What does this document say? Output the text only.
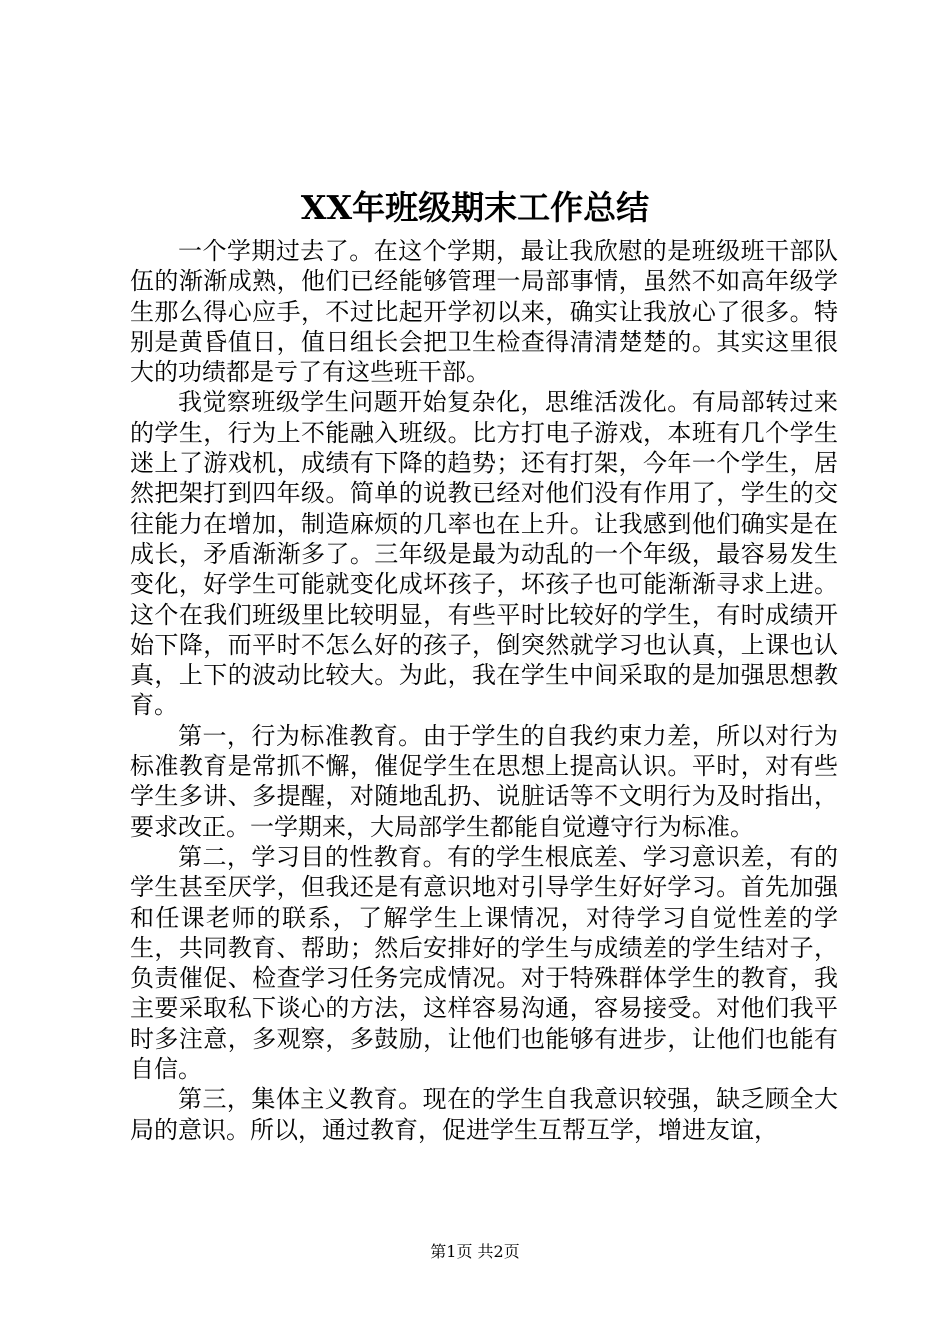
XX年班级期末工作总结

一个学期过去了。在这个学期，最让我欣慰的是班级班干部队伍的渐渐成熟，他们已经能够管理一局部事情，虽然不如高年级学生那么得心应手，不过比起开学初以来，确实让我放心了很多。特别是黄昏值日，值日组长会把卫生检查得清清楚楚的。其实这里很大的功绩都是亏了有这些班干部。

我觉察班级学生问题开始复杂化，思维活泼化。有局部转过来的学生，行为上不能融入班级。比方打电子游戏，本班有几个学生迷上了游戏机，成绩有下降的趋势；还有打架，今年一个学生，居然把架打到四年级。简单的说教已经对他们没有作用了，学生的交往能力在增加，制造麻烦的几率也在上升。让我感到他们确实是在成长，矛盾渐渐多了。三年级是最为动乱的一个年级，最容易发生变化，好学生可能就变化成坏孩子，坏孩子也可能渐渐寻求上进。这个在我们班级里比较明显，有些平时比较好的学生，有时成绩开始下降，而平时不怎么好的孩子，倒突然就学习也认真，上课也认真，上下的波动比较大。为此，我在学生中间采取的是加强思想教育。

第一，行为标准教育。由于学生的自我约束力差，所以对行为标准教育是常抓不懈，催促学生在思想上提高认识。平时，对有些学生多讲、多提醒，对随地乱扔、说脏话等不文明行为及时指出，要求改正。一学期来，大局部学生都能自觉遵守行为标准。

第二，学习目的性教育。有的学生根底差、学习意识差，有的学生甚至厌学，但我还是有意识地对引导学生好好学习。首先加强和任课老师的联系，了解学生上课情况，对待学习自觉性差的学生，共同教育、帮助；然后安排好的学生与成绩差的学生结对子，负责催促、检查学习任务完成情况。对于特殊群体学生的教育，我主要采取私下谈心的方法，这样容易沟通，容易接受。对他们我平时多注意，多观察，多鼓励，让他们也能够有进步，让他们也能有自信。

第三，集体主义教育。现在的学生自我意识较强，缺乏顾全大局的意识。所以，通过教育，促进学生互帮互学，增进友谊，

第1页 共2页
